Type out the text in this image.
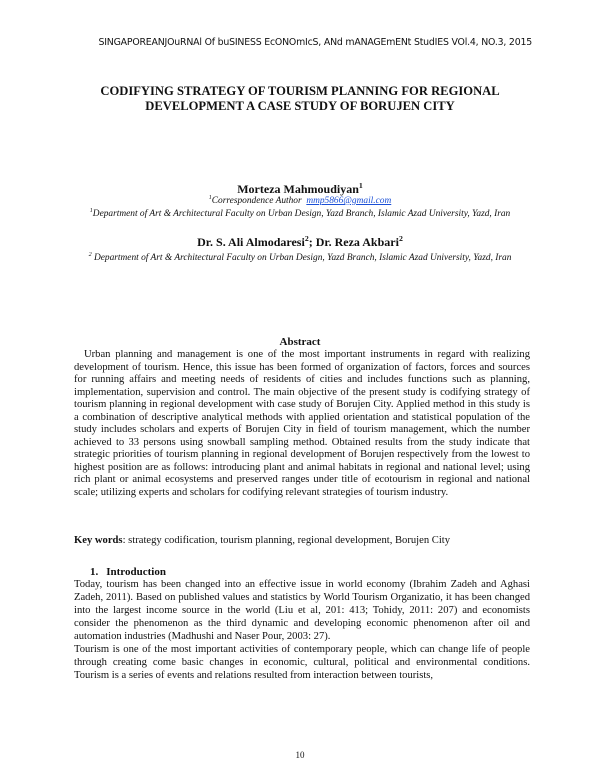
SINGAPOREANJOuRNAl Of buSINESS EcONOmIcS, ANd mANAGEmENt StudIES VOl.4, NO.3, 2015
CODIFYING STRATEGY OF TOURISM PLANNING FOR REGIONAL
DEVELOPMENT A CASE STUDY OF BORUJEN CITY
Morteza Mahmoudiyan$^1$
$^1$Correspondence Author mmp5866@gmail.com
$^1$Department of Art & Architectural Faculty on Urban Design, Yazd Branch, Islamic Azad University, Yazd, Iran
Dr. S. Ali Almodaresi$^2$; Dr. Reza Akbari$^2$
$^2$ Department of Art & Architectural Faculty on Urban Design, Yazd Branch, Islamic Azad University, Yazd, Iran
Abstract

Urban planning and management is one of the most important instruments in regard with realizing development of tourism. Hence, this issue has been formed of organization of factors, forces and sources for running affairs and meeting needs of residents of cities and includes functions such as planning, implementation, supervision and control. The main objective of the present study is codifying strategy of tourism planning in regional development with case study of Borujen City. Applied method in this study is a combination of descriptive analytical methods with applied orientation and statistical population of the study includes scholars and experts of Borujen City in field of tourism management, which the number achieved to 33 persons using snowball sampling method. Obtained results from the study indicate that strategic priorities of tourism planning in regional development of Borujen respectively from the lowest to highest position are as follows: introducing plant and animal habitats in regional and national level; using rich plant or animal ecosystems and preserved ranges under title of ecotourism in regional and national scale; utilizing experts and scholars for codifying relevant strategies of tourism industry.

Key words: strategy codification, tourism planning, regional development, Borujen City

1. Introduction

Today, tourism has been changed into an effective issue in world economy (Ibrahim Zadeh and Aghasi Zadeh, 2011). Based on published values and statistics by World Tourism Organizatio, it has been changed into the largest income source in the world (Liu et al, 201: 413; Tohidy, 2011: 207) and economists consider the phenomenon as the third dynamic and developing economic phenomenon after oil and automation industries (Madhushi and Naser Pour, 2003: 27).

Tourism is one of the most important activities of contemporary people, which can change life of people through creating come basic changes in economic, cultural, political and environmental conditions. Tourism is a series of events and relations resulted from interaction between tourists,

10
